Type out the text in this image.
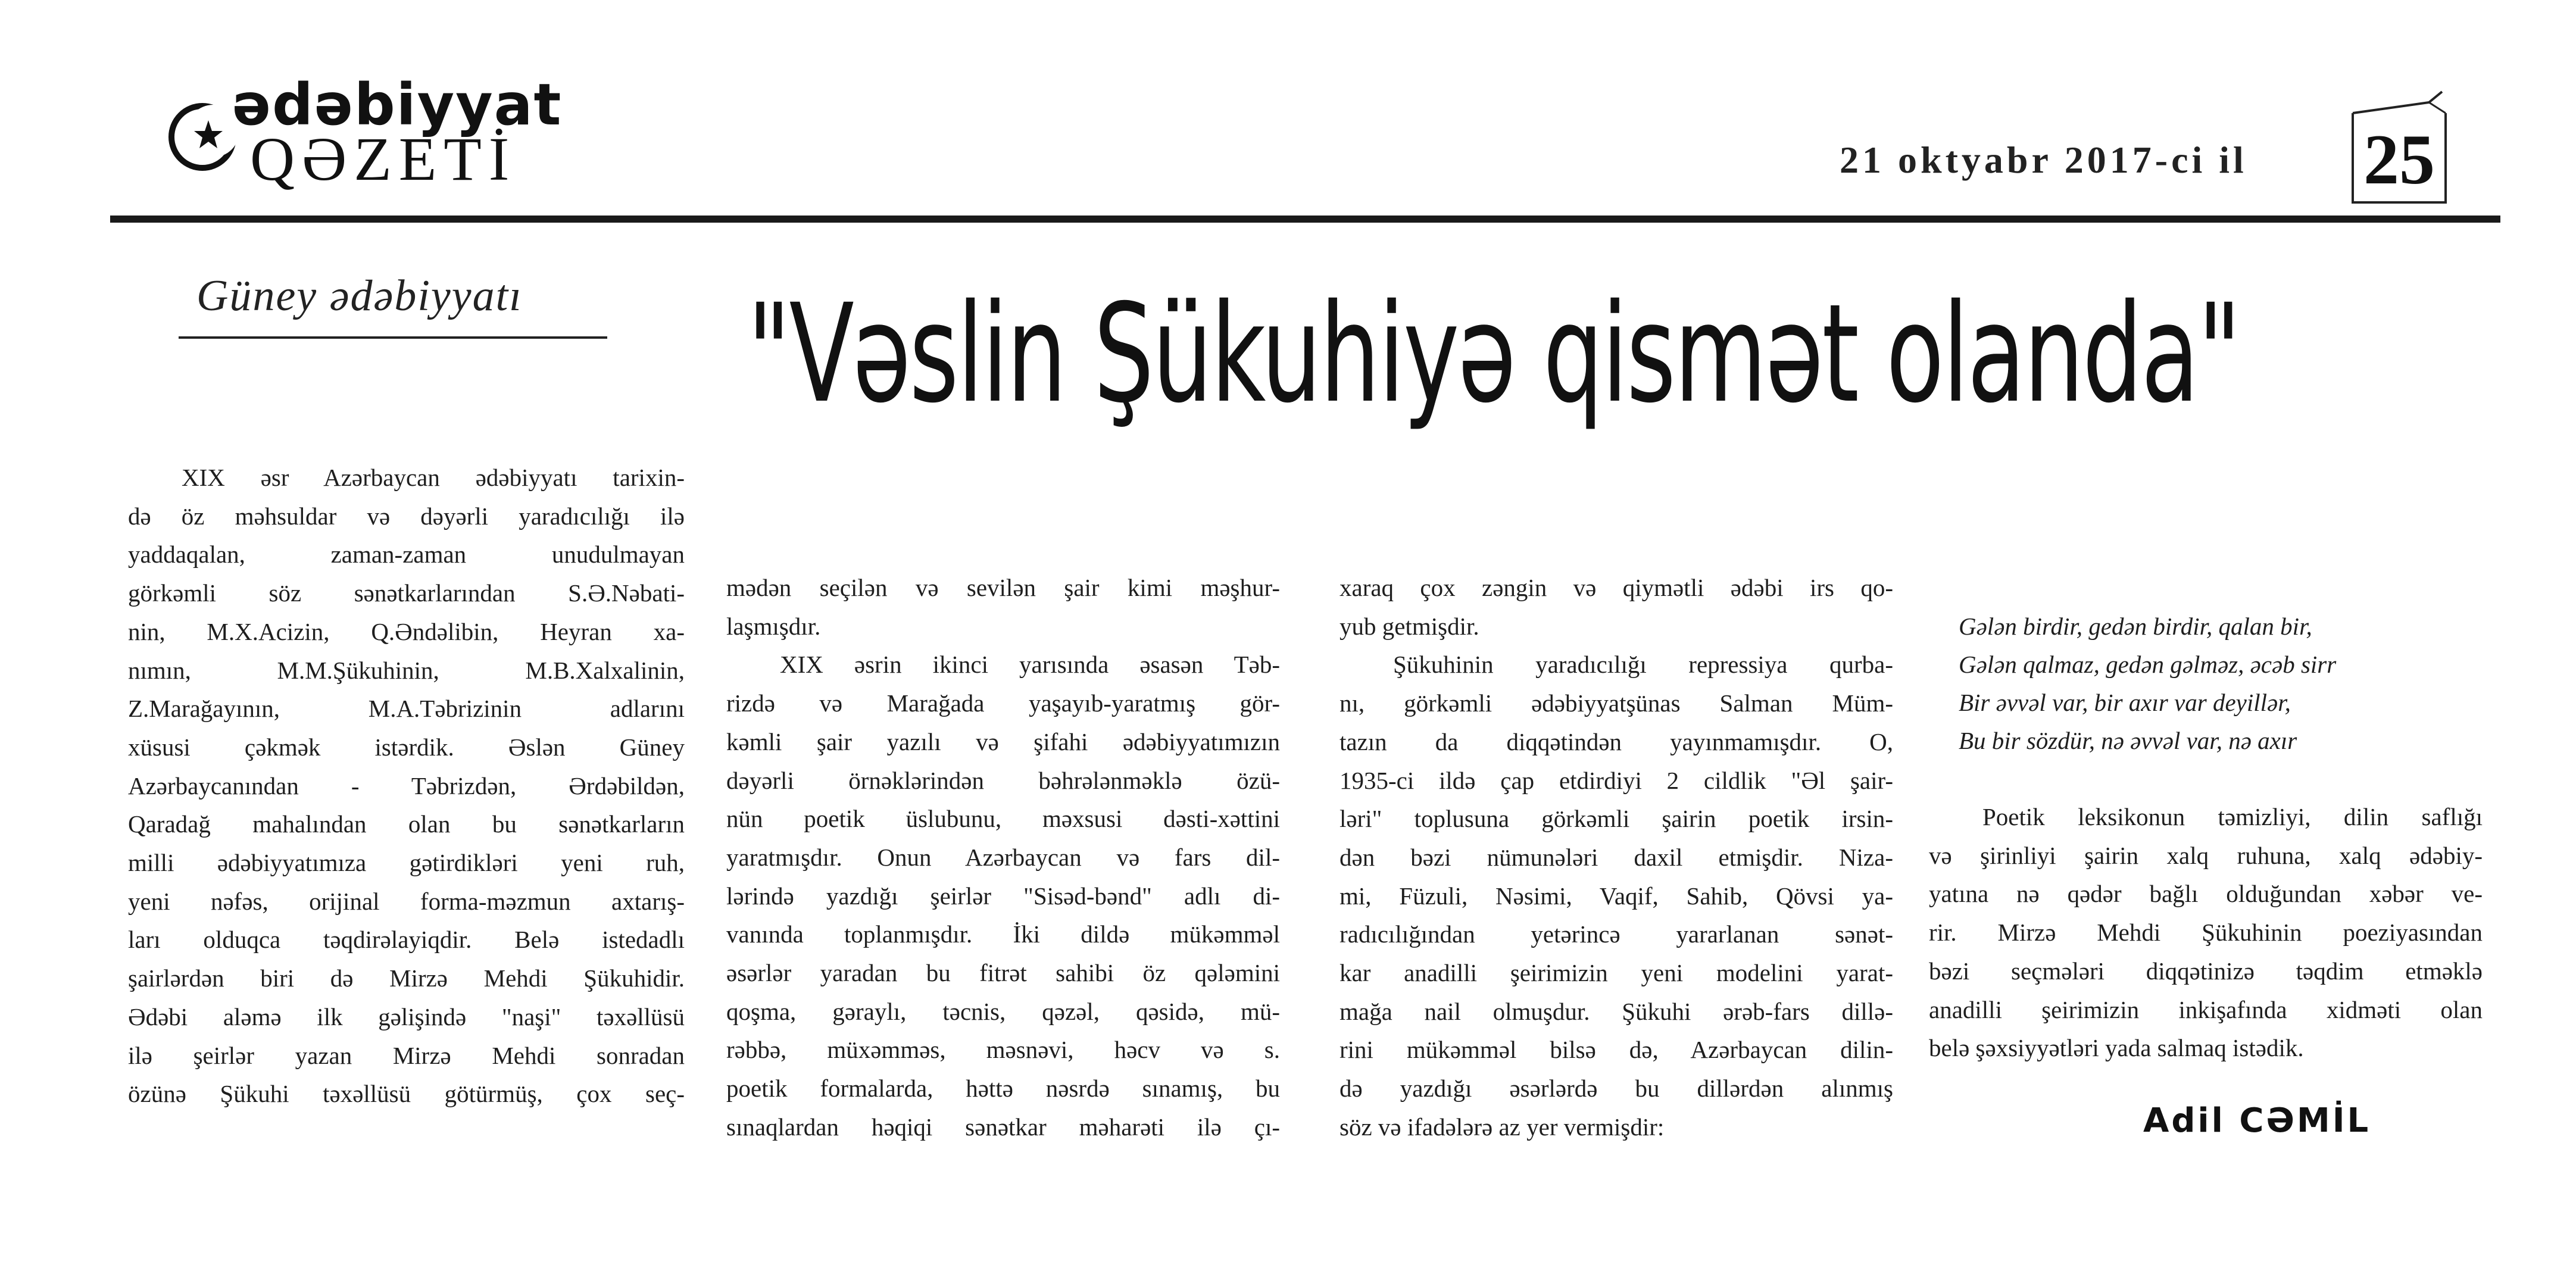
ədəbiyyat
QƏZETİ	21 oktyabr 2017-ci il 25
Güney ədəbiyyatı	"Vəslin Şükuhiyə qismət olanda"
XIX əsr Azərbaycan ədəbiyyatı tarixin-
də öz məhsuldar və dəyərli yaradıcılığı ilə
yaddaqalan, zaman-zaman unudulmayan
görkəmli söz sənətkarlarından S.Ə.Nəbati-
nin, M.X.Acizin, Q.Əndəlibin, Heyran xa-
nımın, M.M.Şükuhinin, M.B.Xalxalinin,
Z.Marağayının, M.A.Təbrizinin adlarını
xüsusi çəkmək istərdik. Əslən Güney
Azərbaycanından - Təbrizdən, Ərdəbildən,
Qaradağ mahalından olan bu sənətkarların
milli ədəbiyyatımıza gətirdikləri yeni ruh,
yeni nəfəs, orijinal forma-məzmun axtarış-
ları olduqca təqdirəlayiqdir. Belə istedadlı
şairlərdən biri də Mirzə Mehdi Şükuhidir.
Ədəbi aləmə ilk gəlişində "naşi" təxəllüsü
ilə şeirlər yazan Mirzə Mehdi sonradan
özünə Şükuhi təxəllüsü götürmüş, çox seç-
mədən seçilən və sevilən şair kimi məşhur-
laşmışdır.
XIX əsrin ikinci yarısında əsasən Təb-
rizdə və Marağada yaşayıb-yaratmış gör-
kəmli şair yazılı və şifahi ədəbiyyatımızın
dəyərli örnəklərindən bəhrələnməklə özü-
nün poetik üslubunu, məxsusi dəsti-xəttini
yaratmışdır. Onun Azərbaycan və fars dil-
lərində yazdığı şeirlər "Sisəd-bənd" adlı di-
vanında toplanmışdır. İki dildə mükəmməl
əsərlər yaradan bu fitrət sahibi öz qələmini
qoşma, gəraylı, təcnis, qəzəl, qəsidə, mü-
rəbbə, müxəmməs, məsnəvi, həcv və s.
poetik formalarda, həttə nəsrdə sınamış, bu
sınaqlardan həqiqi sənətkar məharəti ilə çı-
xaraq çox zəngin və qiymətli ədəbi irs qo-
yub getmişdir.
Şükuhinin yaradıcılığı repressiya qurba-
nı, görkəmli ədəbiyyatşünas Salman Müm-
tazın da diqqətindən yayınmamışdır. O,
1935-ci ildə çap etdirdiyi 2 cildlik "Əl şair-
ləri" toplusuna görkəmli şairin poetik irsin-
dən bəzi nümunələri daxil etmişdir. Niza-
mi, Füzuli, Nəsimi, Vaqif, Sahib, Qövsi ya-
radıcılığından yetərincə yararlanan sənət-
kar anadilli şeirimizin yeni modelini yarat-
mağa nail olmuşdur. Şükuhi ərəb-fars dillə-
rini mükəmməl bilsə də, Azərbaycan dilin-
də yazdığı əsərlərdə bu dillərdən alınmış
söz və ifadələrə az yer vermişdir:
Gələn birdir, gedən birdir, qalan bir,
Gələn qalmaz, gedən gəlməz, əcəb sirr
Bir əvvəl var, bir axır var deyillər,
Bu bir sözdür, nə əvvəl var, nə axır
Poetik leksikonun təmizliyi, dilin saflığı
və şirinliyi şairin xalq ruhuna, xalq ədəbiy-
yatına nə qədər bağlı olduğundan xəbər ve-
rir. Mirzə Mehdi Şükuhinin poeziyasından
bəzi seçmələri diqqətinizə təqdim etməklə
anadilli şeirimizin inkişafında xidməti olan
belə şəxsiyyətləri yada salmaq istədik.
Adil CƏMİL
